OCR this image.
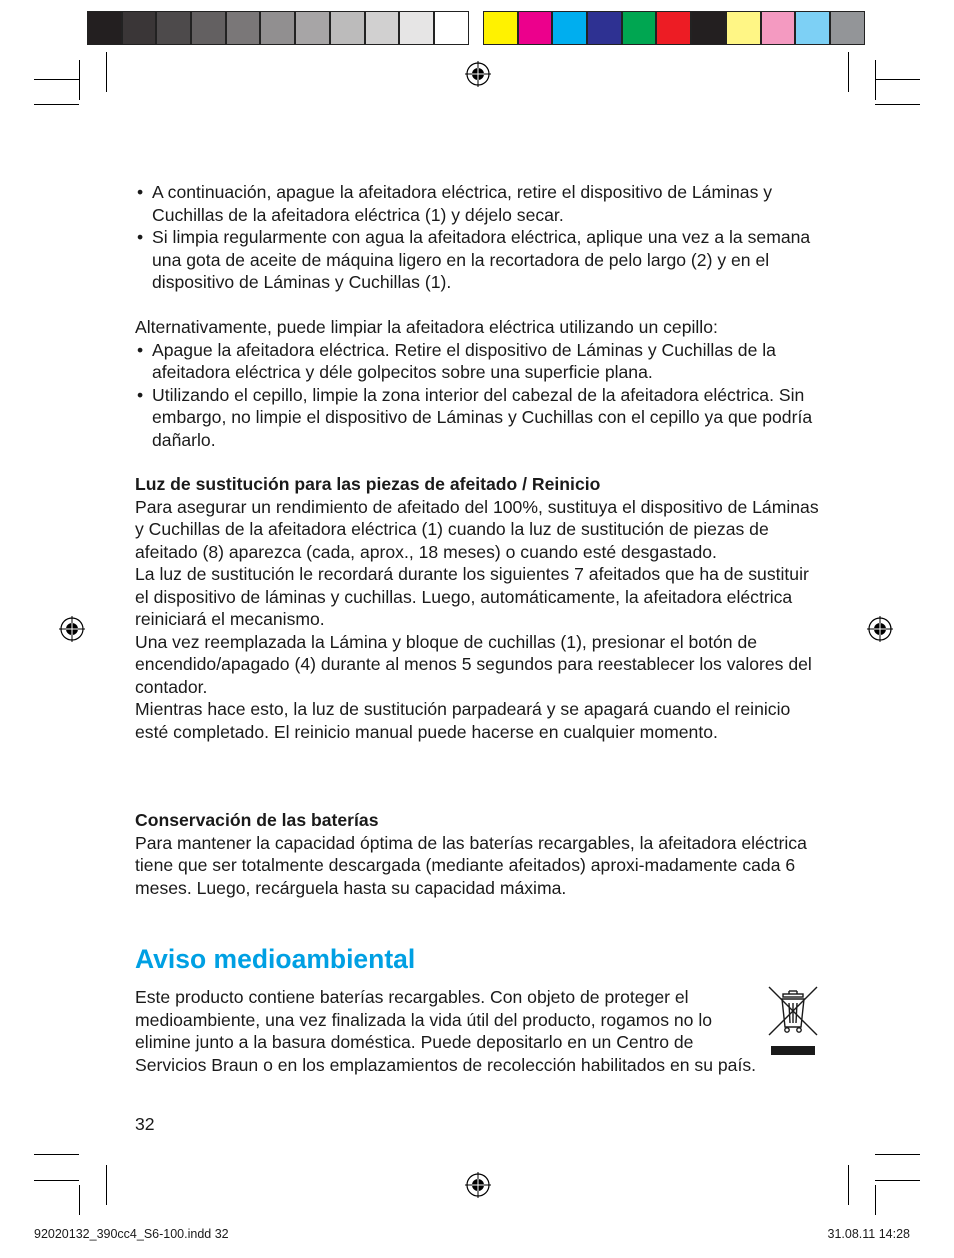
• A continuación, apague la afeitadora eléctrica, retire el dispositivo de Láminas y Cuchillas de la afeitadora eléctrica (1) y déjelo secar.
• Si limpia regularmente con agua la afeitadora eléctrica, aplique una vez a la semana una gota de aceite de máquina ligero en la recortadora de pelo largo (2) y en el dispositivo de Láminas y Cuchillas (1).

Alternativamente, puede limpiar la afeitadora eléctrica utilizando un cepillo:

• Apague la afeitadora eléctrica. Retire el dispositivo de Láminas y Cuchillas de la afeitadora eléctrica y déle golpecitos sobre una superficie plana.
• Utilizando el cepillo, limpie la zona interior del cabezal de la afeitadora eléctrica. Sin embargo, no limpie el dispositivo de Láminas y Cuchillas con el cepillo ya que podría dañarlo.

Luz de sustitución para las piezas de afeitado / Reinicio

Para asegurar un rendimiento de afeitado del 100%, sustituya el dispositivo de Láminas y Cuchillas de la afeitadora eléctrica (1) cuando la luz de sustitución de piezas de afeitado (8) aparezca (cada, aprox., 18 meses) o cuando esté desgastado.

La luz de sustitución le recordará durante los siguientes 7 afeitados que ha de sustituir el dispositivo de láminas y cuchillas. Luego, automáticamente, la afeitadora eléctrica reiniciará el mecanismo.

Una vez reemplazada la Lámina y bloque de cuchillas (1), presionar el botón de encendido/apagado (4) durante al menos 5 segundos para reestablecer los valores del contador.

Mientras hace esto, la luz de sustitución parpadeará y se apagará cuando el reinicio esté completado. El reinicio manual puede hacerse en cualquier momento.

Conservación de las baterías

Para mantener la capacidad óptima de las baterías recargables, la afeitadora eléctrica tiene que ser totalmente descargada (mediante afeitados) aproxi-madamente cada 6 meses. Luego, recárguela hasta su capacidad máxima.

Aviso medioambiental

Este producto contiene baterías recargables. Con objeto de proteger el medioambiente, una vez finalizada la vida útil del producto, rogamos no lo elimine junto a la basura doméstica. Puede depositarlo en un Centro de Servicios Braun o en los emplazamientos de recolección habilitados en su país.

32
92020132_390cc4_S6-100.indd 32	31.08.11 14:28
